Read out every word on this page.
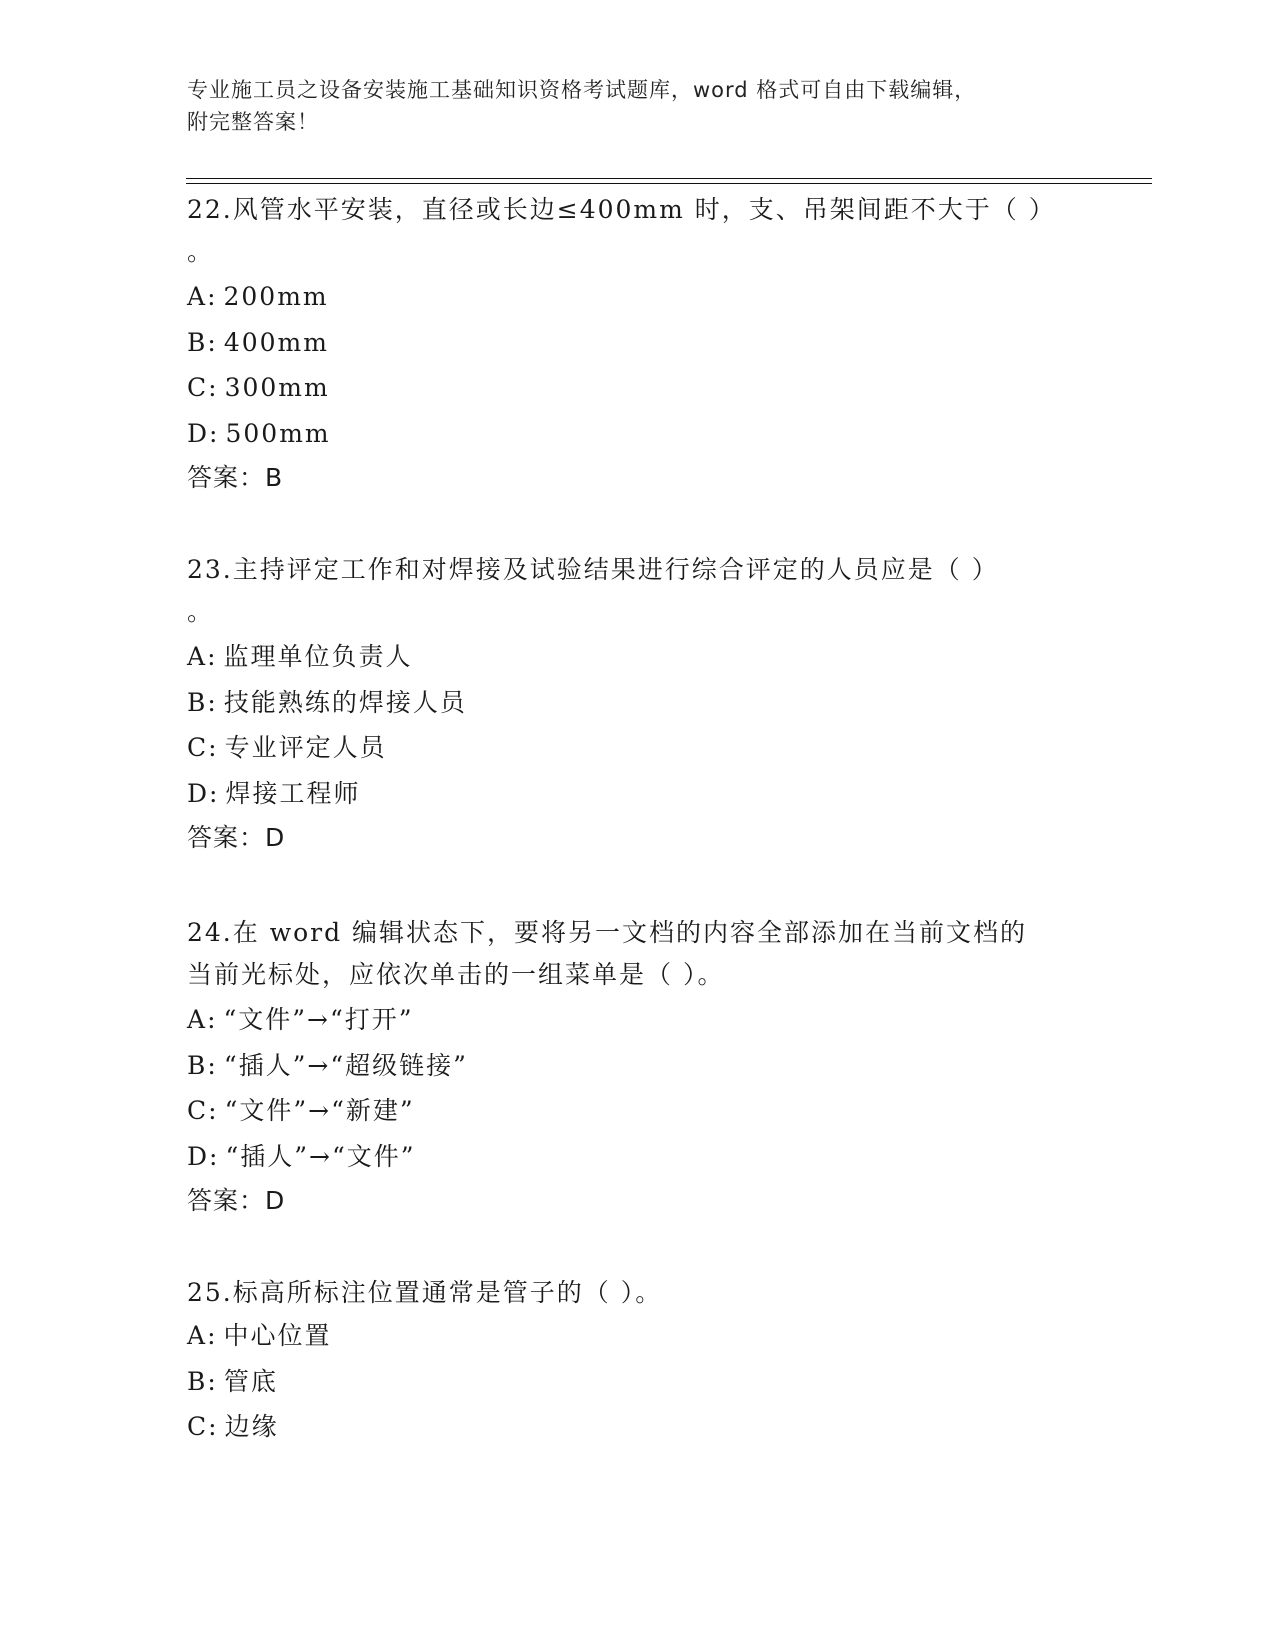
专业施工员之设备安装施工基础知识资格考试题库，word 格式可自由下载编辑，
附完整答案！

22.风管水平安装，直径或长边≤400mm 时，支、吊架间距不大于（ ）

。

A: 200mm
B: 400mm
C: 300mm
D: 500mm
答案：B

23.主持评定工作和对焊接及试验结果进行综合评定的人员应是（ ）

。

A: 监理单位负责人
B: 技能熟练的焊接人员
C: 专业评定人员
D: 焊接工程师
答案：D

24.在 word 编辑状态下，要将另一文档的内容全部添加在当前文档的

当前光标处，应依次单击的一组菜单是（ ）。

A: “文件”→“打开”
B: “插人”→“超级链接”
C: “文件”→“新建”
D: “插人”→“文件”
答案：D

25.标高所标注位置通常是管子的（ ）。

A: 中心位置
B: 管底
C: 边缘
